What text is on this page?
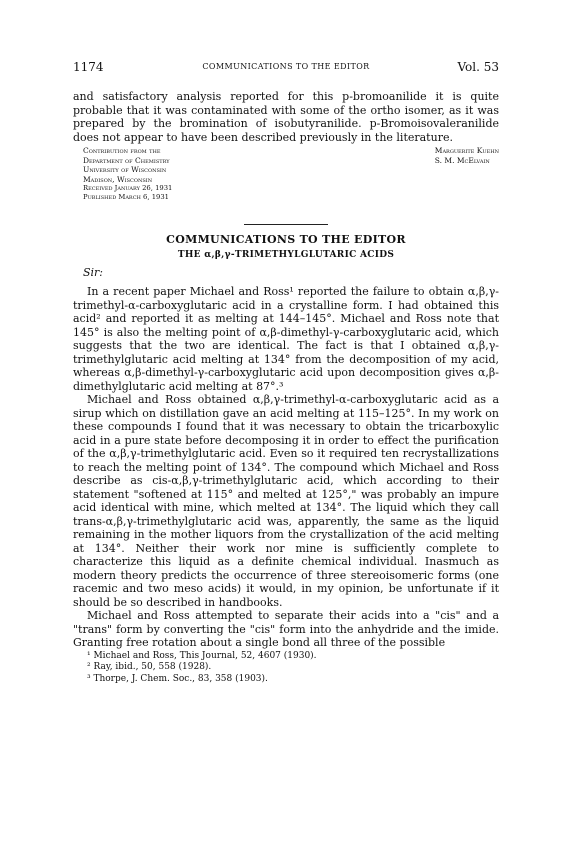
1174	COMMUNICATIONS TO THE EDITOR	Vol. 53

and satisfactory analysis reported for this p-bromoanilide it is quite probable that it was contaminated with some of the ortho isomer, as it was prepared by the bromination of isobutyranilide. p-Bromoisovaleranilide does not appear to have been described previously in the literature.

Contribution from the
Department of Chemistry
University of Wisconsin
Madison, Wisconsin
Received January 26, 1931
Published March 6, 1931
Marguerite Kuehn
S. M. McElvain
COMMUNICATIONS TO THE EDITOR
THE α,β,γ-TRIMETHYLGLUTARIC ACIDS
Sir:

In a recent paper Michael and Ross¹ reported the failure to obtain α,β,γ-trimethyl-α-carboxyglutaric acid in a crystalline form. I had obtained this acid² and reported it as melting at 144–145°. Michael and Ross note that 145° is also the melting point of α,β-dimethyl-γ-carboxyglutaric acid, which suggests that the two are identical. The fact is that I obtained α,β,γ-trimethylglutaric acid melting at 134° from the decomposition of my acid, whereas α,β-dimethyl-γ-carboxyglutaric acid upon decomposition gives α,β-dimethylglutaric acid melting at 87°.³

Michael and Ross obtained α,β,γ-trimethyl-α-carboxyglutaric acid as a sirup which on distillation gave an acid melting at 115–125°. In my work on these compounds I found that it was necessary to obtain the tricarboxylic acid in a pure state before decomposing it in order to effect the purification of the α,β,γ-trimethylglutaric acid. Even so it required ten recrystallizations to reach the melting point of 134°. The compound which Michael and Ross describe as cis-α,β,γ-trimethylglutaric acid, which according to their statement "softened at 115° and melted at 125°," was probably an impure acid identical with mine, which melted at 134°. The liquid which they call trans-α,β,γ-trimethylglutaric acid was, apparently, the same as the liquid remaining in the mother liquors from the crystallization of the acid melting at 134°. Neither their work nor mine is sufficiently complete to characterize this liquid as a definite chemical individual. Inasmuch as modern theory predicts the occurrence of three stereoisomeric forms (one racemic and two meso acids) it would, in my opinion, be unfortunate if it should be so described in handbooks.

Michael and Ross attempted to separate their acids into a "cis" and a "trans" form by converting the "cis" form into the anhydride and the imide. Granting free rotation about a single bond all three of the possible

¹ Michael and Ross, This Journal, 52, 4607 (1930).
² Ray, ibid., 50, 558 (1928).
³ Thorpe, J. Chem. Soc., 83, 358 (1903).
